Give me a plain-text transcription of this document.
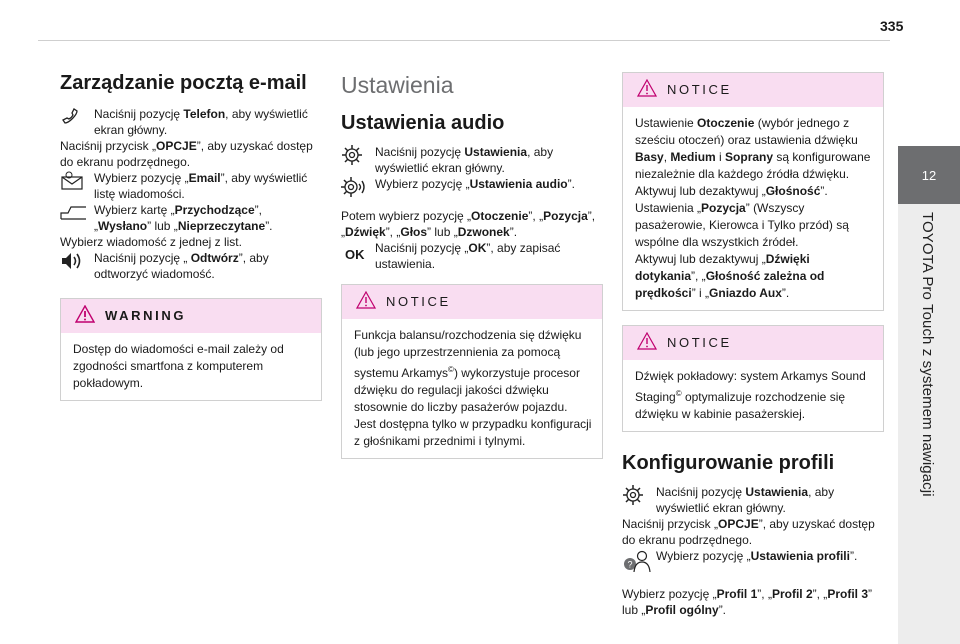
335
12
TOYOTA Pro Touch z systemem nawigacji
Zarządzanie pocztą e-mail

Naciśnij pozycję Telefon, aby wyświetlić ekran główny.

Naciśnij przycisk „OPCJE”, aby uzyskać dostęp do ekranu podrzędnego.

Wybierz pozycję „Email”, aby wyświetlić listę wiadomości.

Wybierz kartę „Przychodzące”, „Wysłano” lub „Nieprzeczytane”.

Wybierz wiadomość z jednej z list.

Naciśnij pozycję „ Odtwórz”, aby odtworzyć wiadomość.

WARNING
Dostęp do wiadomości e-mail zależy od zgodności smartfona z komputerem pokładowym.
Ustawienia
Ustawienia audio

Naciśnij pozycję Ustawienia, aby wyświetlić ekran główny.

Wybierz pozycję „Ustawienia audio”.

Potem wybierz pozycję „Otoczenie”, „Pozycja”, „Dźwięk”, „Głos” lub „Dzwonek”.

OK Naciśnij pozycję „OK”, aby zapisać ustawienia.

NOTICE

Funkcja balansu/rozchodzenia się dźwięku (lub jego uprzestrzennienia za pomocą systemu Arkamys©) wykorzystuje procesor dźwięku do regulacji jakości dźwięku stosownie do liczby pasażerów pojazdu.

Jest dostępna tylko w przypadku konfiguracji z głośnikami przednimi i tylnymi.

NOTICE

Ustawienie Otoczenie (wybór jednego z sześciu otoczeń) oraz ustawienia dźwięku Basy, Medium i Soprany są konfigurowane niezależnie dla każdego źródła dźwięku.

Aktywuj lub dezaktywuj „Głośność”.

Ustawienia „Pozycja” (Wszyscy pasażerowie, Kierowca i Tylko przód) są wspólne dla wszystkich źródeł.

Aktywuj lub dezaktywuj „Dźwięki dotykania”, „Głośność zależna od prędkości” i „Gniazdo Aux”.

NOTICE

Dźwięk pokładowy: system Arkamys Sound Staging© optymalizuje rozchodzenie się dźwięku w kabinie pasażerskiej.

Konfigurowanie profili

Naciśnij pozycję Ustawienia, aby wyświetlić ekran główny.

Naciśnij przycisk „OPCJE”, aby uzyskać dostęp do ekranu podrzędnego.

?

Wybierz pozycję „Ustawienia profili”.

Wybierz pozycję „Profil 1”, „Profil 2”, „Profil 3” lub „Profil ogólny”.
